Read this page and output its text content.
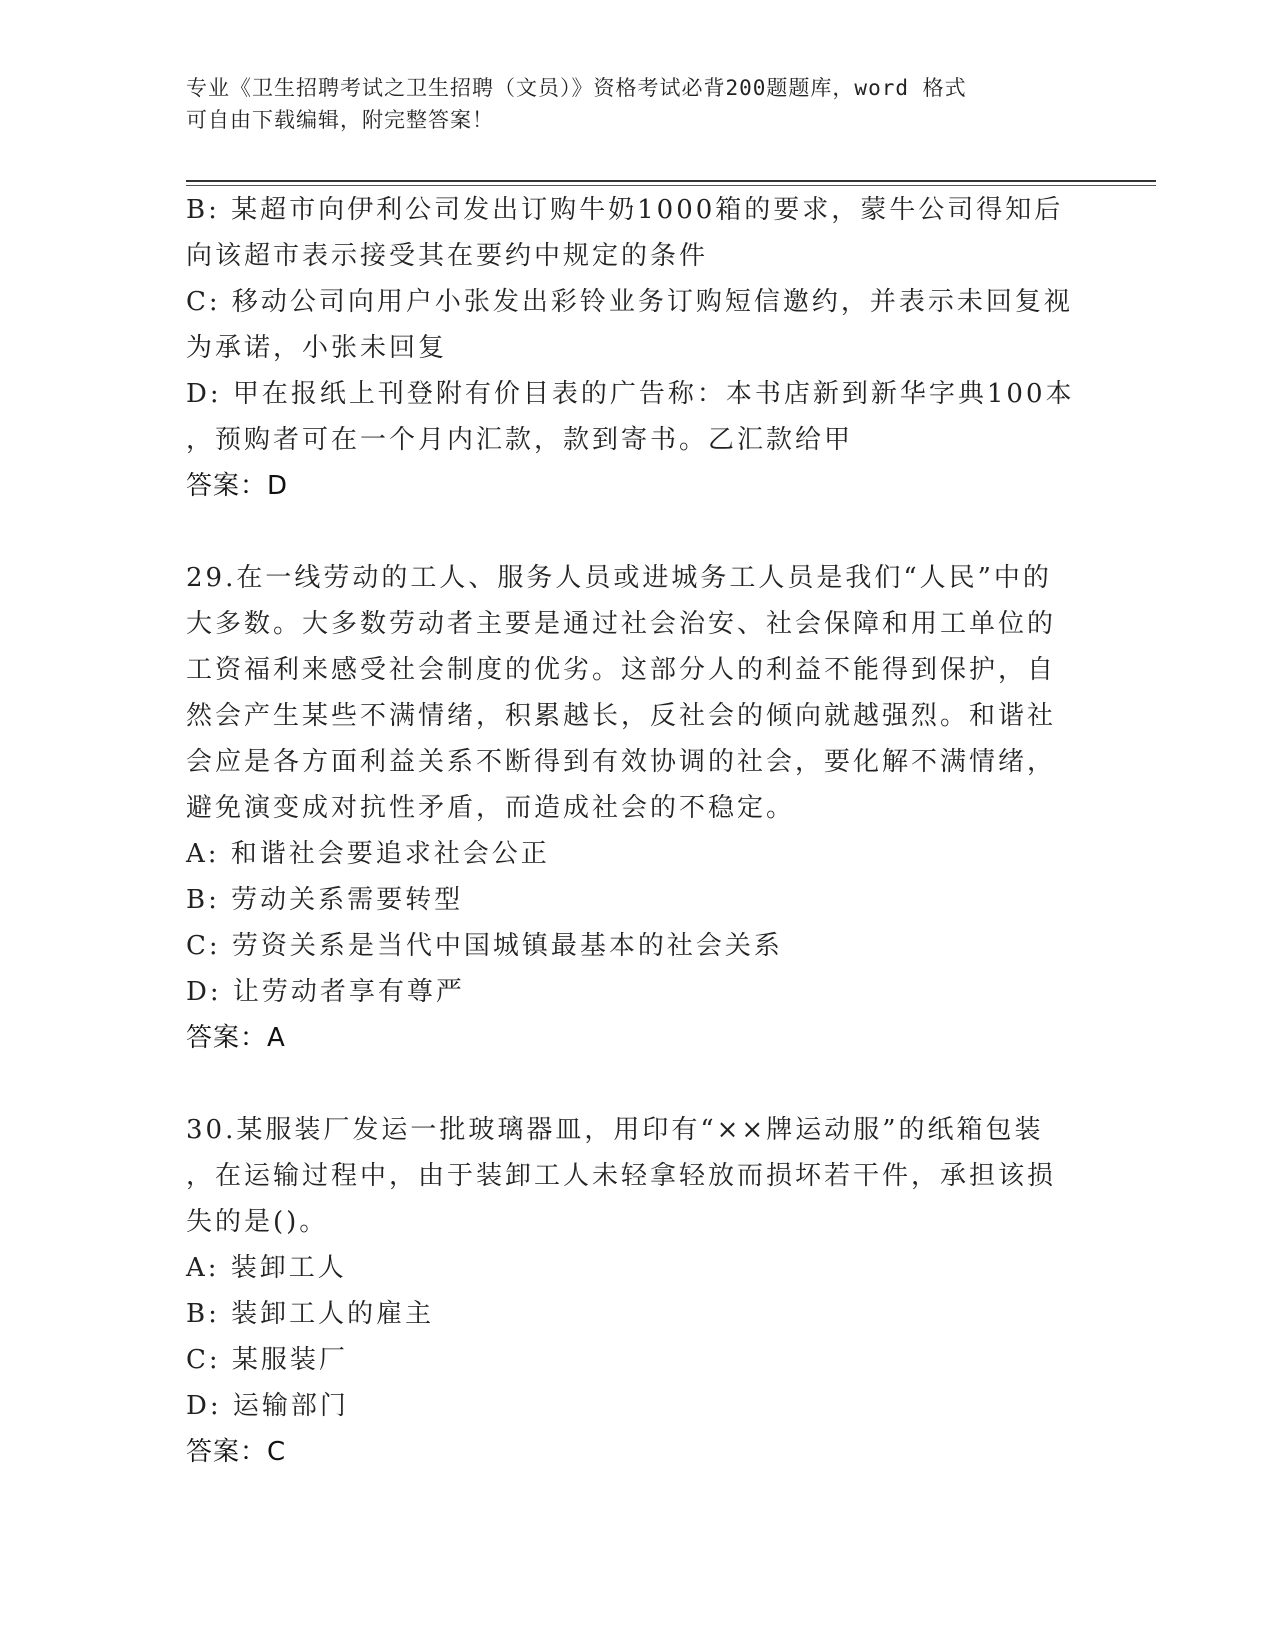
专业《卫生招聘考试之卫生招聘（文员）》资格考试必背200题题库，word 格式
可自由下载编辑，附完整答案！
B: 某超市向伊利公司发出订购牛奶1000箱的要求，蒙牛公司得知后
向该超市表示接受其在要约中规定的条件
C: 移动公司向用户小张发出彩铃业务订购短信邀约，并表示未回复视
为承诺，小张未回复
D: 甲在报纸上刊登附有价目表的广告称：本书店新到新华字典100本
，预购者可在一个月内汇款，款到寄书。乙汇款给甲
答案：D
29.在一线劳动的工人、服务人员或进城务工人员是我们“人民”中的
大多数。大多数劳动者主要是通过社会治安、社会保障和用工单位的
工资福利来感受社会制度的优劣。这部分人的利益不能得到保护，自
然会产生某些不满情绪，积累越长，反社会的倾向就越强烈。和谐社
会应是各方面利益关系不断得到有效协调的社会，要化解不满情绪，
避免演变成对抗性矛盾，而造成社会的不稳定。
A: 和谐社会要追求社会公正
B: 劳动关系需要转型
C: 劳资关系是当代中国城镇最基本的社会关系
D: 让劳动者享有尊严
答案：A
30.某服装厂发运一批玻璃器皿，用印有“××牌运动服”的纸箱包装
，在运输过程中，由于装卸工人未轻拿轻放而损坏若干件，承担该损
失的是()。
A: 装卸工人
B: 装卸工人的雇主
C: 某服装厂
D: 运输部门
答案：C
